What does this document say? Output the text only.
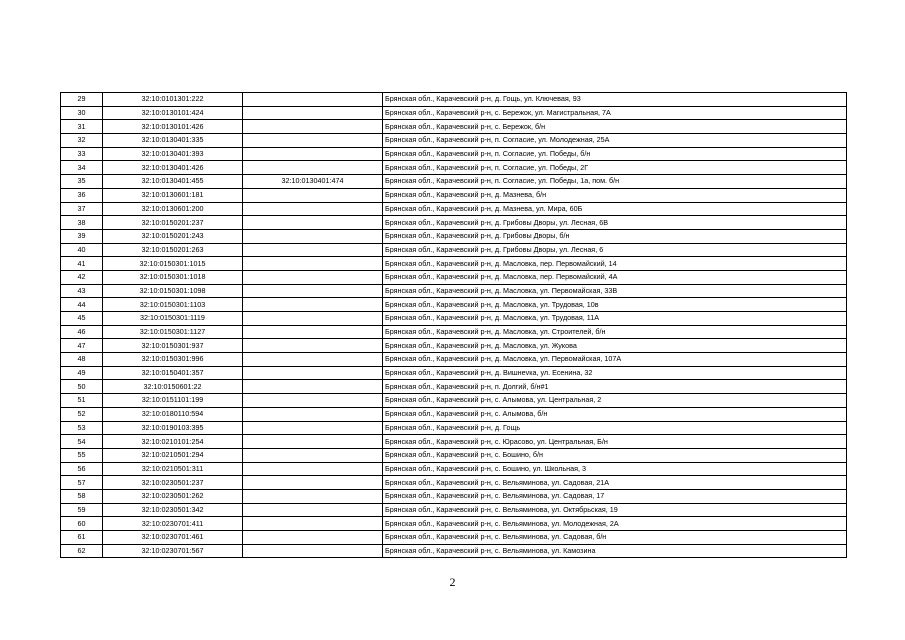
29	32:10:0101301:222		Брянская обл., Карачевский р-н, д. Гощь, ул. Ключевая, 93
30	32:10:0130101:424		Брянская обл., Карачевский р-н, с. Бережок, ул. Магистральная, 7А
31	32:10:0130101:426		Брянская обл., Карачевский р-н, с. Бережок, б/н
32	32:10:0130401:335		Брянская обл., Карачевский р-н, п. Согласие, ул. Молодежная, 25А
33	32:10:0130401:393		Брянская обл., Карачевский р-н, п. Согласие, ул. Победы, б/н
34	32:10:0130401:426		Брянская обл., Карачевский р-н, п. Согласие, ул. Победы, 2Г
35	32:10:0130401:455	32:10:0130401:474	Брянская обл., Карачевский р-н, п. Согласие, ул. Победы, 1а, пом. б/н
36	32:10:0130601:181		Брянская обл., Карачевский р-н, д. Мазнева, б/н
37	32:10:0130601:200		Брянская обл., Карачевский р-н, д. Мазнева, ул. Мира, 60Б
38	32:10:0150201:237		Брянская обл., Карачевский р-н, д. Грибовы Дворы, ул. Лесная, 6В
39	32:10:0150201:243		Брянская обл., Карачевский р-н, д. Грибовы Дворы, б/н
40	32:10:0150201:263		Брянская обл., Карачевский р-н, д. Грибовы Дворы, ул. Лесная, 6
41	32:10:0150301:1015		Брянская обл., Карачевский р-н, д. Масловка, пер. Первомайский, 14
42	32:10:0150301:1018		Брянская обл., Карачевский р-н, д. Масловка, пер. Первомайский, 4А
43	32:10:0150301:1098		Брянская обл., Карачевский р-н, д. Масловка, ул. Первомайская, 33В
44	32:10:0150301:1103		Брянская обл., Карачевский р-н, д. Масловка, ул. Трудовая, 10в
45	32:10:0150301:1119		Брянская обл., Карачевский р-н, д. Масловка, ул. Трудовая, 11А
46	32:10:0150301:1127		Брянская обл., Карачевский р-н, д. Масловка, ул. Строителей, б/н
47	32:10:0150301:937		Брянская обл., Карачевский р-н, д. Масловка, ул. Жукова
48	32:10:0150301:996		Брянская обл., Карачевский р-н, д. Масловка, ул. Первомайская, 107А
49	32:10:0150401:357		Брянская обл., Карачевский р-н, д. Вишнevка, ул. Есенина, 32
50	32:10:0150601:22		Брянская обл., Карачевский р-н, п. Долгий, б/н#1
51	32:10:0151101:199		Брянская обл., Карачевский р-н, с. Алымова, ул. Центральная, 2
52	32:10:0180110:594		Брянская обл., Карачевский р-н, с. Алымова, б/н
53	32:10:0190103:395		Брянская обл., Карачевский р-н, д. Гощь
54	32:10:0210101:254		Брянская обл., Карачевский р-н, с. Юрасово, ул. Центральная, Б/н
55	32:10:0210501:294		Брянская обл., Карачевский р-н, с. Бошино, б/н
56	32:10:0210501:311		Брянская обл., Карачевский р-н, с. Бошино, ул. Школьная, 3
57	32:10:0230501:237		Брянская обл., Карачевский р-н, с. Вельяминова, ул. Садовая, 21А
58	32:10:0230501:262		Брянская обл., Карачевский р-н, с. Вельяминова, ул. Садовая, 17
59	32:10:0230501:342		Брянская обл., Карачевский р-н, с. Вельяминова, ул. Октябрьская, 19
60	32:10:0230701:411		Брянская обл., Карачевский р-н, с. Вельяминова, ул. Молодежная, 2А
61	32:10:0230701:461		Брянская обл., Карачевский р-н, с. Вельяминова, ул. Садовая, б/н
62	32:10:0230701:567		Брянская обл., Карачевский р-н, с. Вельяминова, ул. Камозина
2
